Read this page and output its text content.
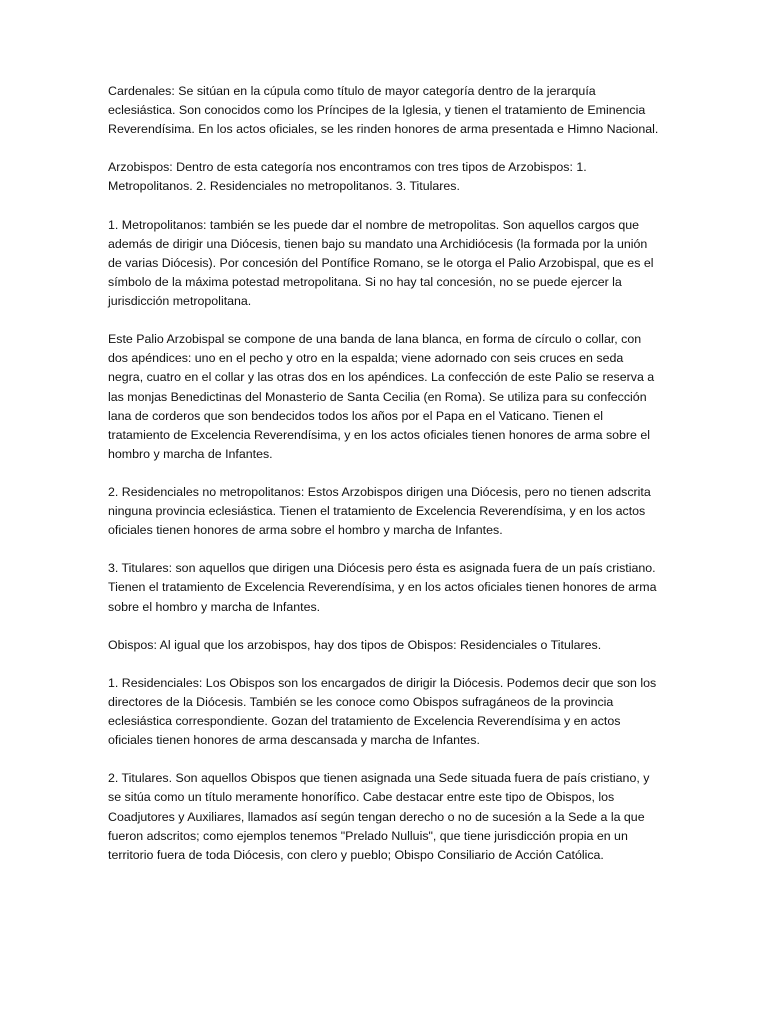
Cardenales: Se sitúan en la cúpula como título de mayor categoría dentro de la jerarquía eclesiástica. Son conocidos como los Príncipes de la Iglesia, y tienen el tratamiento de Eminencia Reverendísima. En los actos oficiales, se les rinden honores de arma presentada e Himno Nacional.

Arzobispos: Dentro de esta categoría nos encontramos con tres tipos de Arzobispos: 1. Metropolitanos. 2. Residenciales no metropolitanos. 3. Titulares.

1. Metropolitanos: también se les puede dar el nombre de metropolitas. Son aquellos cargos que además de dirigir una Diócesis, tienen bajo su mandato una Archidiócesis (la formada por la unión de varias Diócesis). Por concesión del Pontífice Romano, se le otorga el Palio Arzobispal, que es el símbolo de la máxima potestad metropolitana. Si no hay tal concesión, no se puede ejercer la jurisdicción metropolitana.

Este Palio Arzobispal se compone de una banda de lana blanca, en forma de círculo o collar, con dos apéndices: uno en el pecho y otro en la espalda; viene adornado con seis cruces en seda negra, cuatro en el collar y las otras dos en los apéndices. La confección de este Palio se reserva a las monjas Benedictinas del Monasterio de Santa Cecilia (en Roma). Se utiliza para su confección lana de corderos que son bendecidos todos los años por el Papa en el Vaticano. Tienen el tratamiento de Excelencia Reverendísima, y en los actos oficiales tienen honores de arma sobre el hombro y marcha de Infantes.

2. Residenciales no metropolitanos: Estos Arzobispos dirigen una Diócesis, pero no tienen adscrita ninguna provincia eclesiástica. Tienen el tratamiento de Excelencia Reverendísima, y en los actos oficiales tienen honores de arma sobre el hombro y marcha de Infantes.

3. Titulares: son aquellos que dirigen una Diócesis pero ésta es asignada fuera de un país cristiano. Tienen el tratamiento de Excelencia Reverendísima, y en los actos oficiales tienen honores de arma sobre el hombro y marcha de Infantes.

Obispos: Al igual que los arzobispos, hay dos tipos de Obispos: Residenciales o Titulares.

1. Residenciales: Los Obispos son los encargados de dirigir la Diócesis. Podemos decir que son los directores de la Diócesis. También se les conoce como Obispos sufragáneos de la provincia eclesiástica correspondiente. Gozan del tratamiento de Excelencia Reverendísima y en actos oficiales tienen honores de arma descansada y marcha de Infantes.

2. Titulares. Son aquellos Obispos que tienen asignada una Sede situada fuera de país cristiano, y se sitúa como un título meramente honorífico. Cabe destacar entre este tipo de Obispos, los Coadjutores y Auxiliares, llamados así según tengan derecho o no de sucesión a la Sede a la que fueron adscritos; como ejemplos tenemos "Prelado Nulluis", que tiene jurisdicción propia en un territorio fuera de toda Diócesis, con clero y pueblo; Obispo Consiliario de Acción Católica.
